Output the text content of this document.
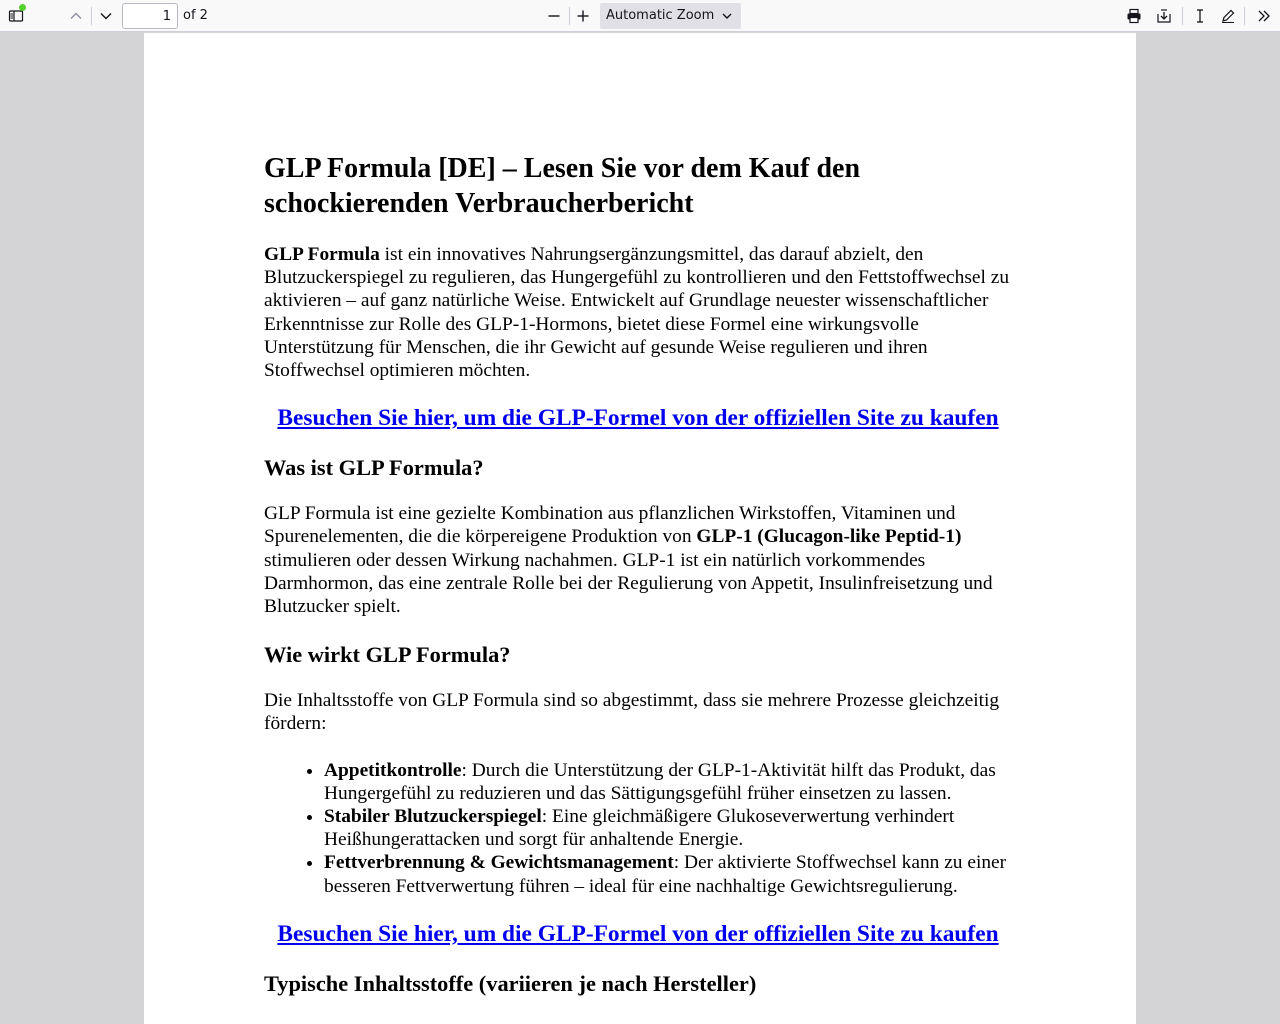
1
of 2	Automatic Zoom
GLP Formula [DE] – Lesen Sie vor dem Kauf den schockierenden Verbraucherbericht

GLP Formula ist ein innovatives Nahrungsergänzungsmittel, das darauf abzielt, den Blutzuckerspiegel zu regulieren, das Hungergefühl zu kontrollieren und den Fettstoffwechsel zu aktivieren – auf ganz natürliche Weise. Entwickelt auf Grundlage neuester wissenschaftlicher Erkenntnisse zur Rolle des GLP-1-Hormons, bietet diese Formel eine wirkungsvolle Unterstützung für Menschen, die ihr Gewicht auf gesunde Weise regulieren und ihren Stoffwechsel optimieren möchten.

Besuchen Sie hier, um die GLP-Formel von der offiziellen Site zu kaufen
Was ist GLP Formula?

GLP Formula ist eine gezielte Kombination aus pflanzlichen Wirkstoffen, Vitaminen und Spurenelementen, die die körpereigene Produktion von GLP-1 (Glucagon-like Peptid-1) stimulieren oder dessen Wirkung nachahmen. GLP-1 ist ein natürlich vorkommendes Darmhormon, das eine zentrale Rolle bei der Regulierung von Appetit, Insulinfreisetzung und Blutzucker spielt.

Wie wirkt GLP Formula?

Die Inhaltsstoffe von GLP Formula sind so abgestimmt, dass sie mehrere Prozesse gleichzeitig fördern:

• Appetitkontrolle: Durch die Unterstützung der GLP-1-Aktivität hilft das Produkt, das Hungergefühl zu reduzieren und das Sättigungsgefühl früher einsetzen zu lassen.
• Stabiler Blutzuckerspiegel: Eine gleichmäßigere Glukoseverwertung verhindert Heißhungerattacken und sorgt für anhaltende Energie.
• Fettverbrennung & Gewichtsmanagement: Der aktivierte Stoffwechsel kann zu einer besseren Fettverwertung führen – ideal für eine nachhaltige Gewichtsregulierung.
Besuchen Sie hier, um die GLP-Formel von der offiziellen Site zu kaufen
Typische Inhaltsstoffe (variieren je nach Hersteller)
